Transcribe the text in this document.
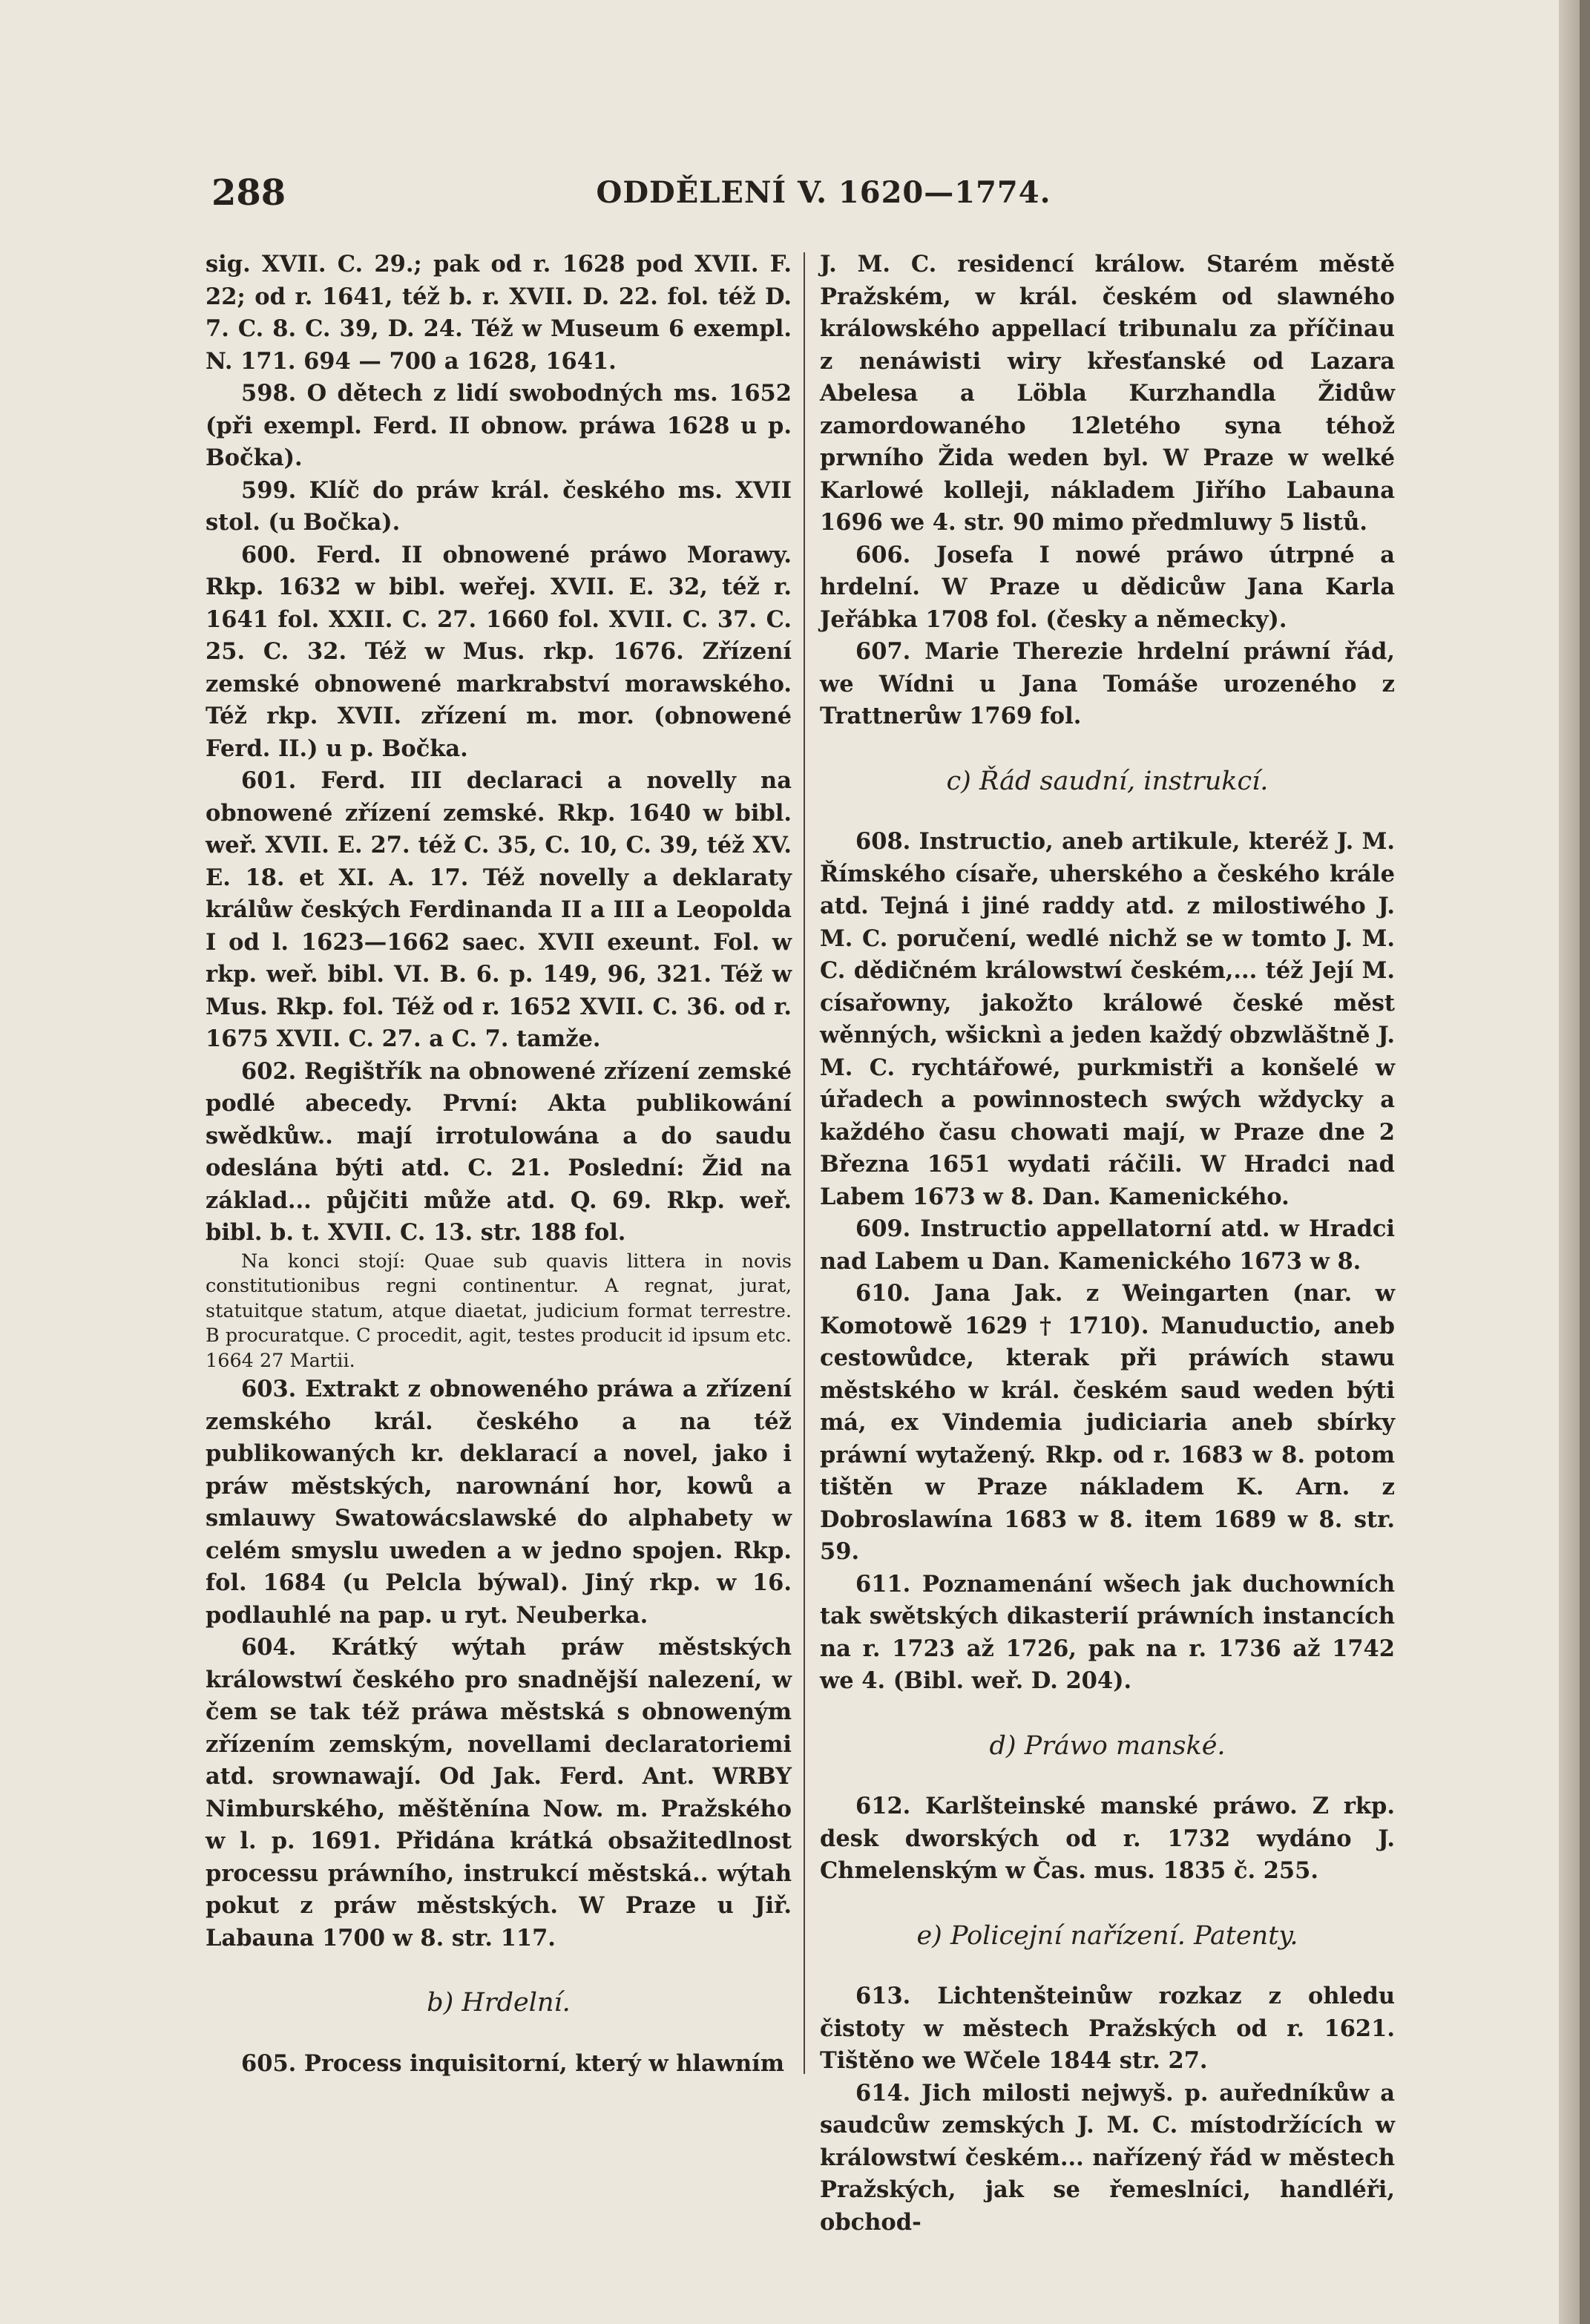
288	ODDĚLENÍ V. 1620—1774.

sig. XVII. C. 29.; pak od r. 1628 pod XVII. F. 22; od r. 1641, též b. r. XVII. D. 22. fol. též D. 7. C. 8. C. 39, D. 24. Též w Museum 6 exempl. N. 171. 694 — 700 a 1628, 1641.

598. O dětech z lidí swobodných ms. 1652 (při exempl. Ferd. II obnow. práwa 1628 u p. Bočka).

599. Klíč do práw král. českého ms. XVII stol. (u Bočka).

600. Ferd. II obnowené práwo Morawy. Rkp. 1632 w bibl. weřej. XVII. E. 32, též r. 1641 fol. XXII. C. 27. 1660 fol. XVII. C. 37. C. 25. C. 32. Též w Mus. rkp. 1676. Zřízení zemské obnowené markrabství morawského. Též rkp. XVII. zřízení m. mor. (obnowené Ferd. II.) u p. Bočka.

601. Ferd. III declaraci a novelly na obnowené zřízení zemské. Rkp. 1640 w bibl. weř. XVII. E. 27. též C. 35, C. 10, C. 39, též XV. E. 18. et XI. A. 17. Též novelly a deklaraty králůw českých Ferdinanda II a III a Leopolda I od l. 1623—1662 saec. XVII exeunt. Fol. w rkp. weř. bibl. VI. B. 6. p. 149, 96, 321. Též w Mus. Rkp. fol. Též od r. 1652 XVII. C. 36. od r. 1675 XVII. C. 27. a C. 7. tamže.

602. Regištřík na obnowené zřízení zemské podlé abecedy. První: Akta publikowání swědkůw.. mají irrotulowána a do saudu odeslána býti atd. C. 21. Poslední: Žid na základ... půjčiti může atd. Q. 69. Rkp. weř. bibl. b. t. XVII. C. 13. str. 188 fol.

Na konci stojí: Quae sub quavis littera in novis constitutionibus regni continentur. A regnat, jurat, statuitque statum, atque diaetat, judicium format terrestre. B procuratque. C procedit, agit, testes producit id ipsum etc. 1664 27 Martii.

603. Extrakt z obnoweného práwa a zřízení zemského král. českého a na též publikowaných kr. deklarací a novel, jako i práw městských, narownání hor, kowů a smlauwy Swatowácslawské do alphabety w celém smyslu uweden a w jedno spojen. Rkp. fol. 1684 (u Pelcla býwal). Jiný rkp. w 16. podlauhlé na pap. u ryt. Neuberka.

604. Krátký wýtah práw městských králowstwí českého pro snadnější nalezení, w čem se tak též práwa městská s obnoweným zřízením zemským, novellami declaratoriemi atd. srownawají. Od Jak. Ferd. Ant. WRBY Nimburského, měštěnína Now. m. Pražského w l. p. 1691. Přidána krátká obsažitedlnost processu práwního, instrukcí městská.. wýtah pokut z práw městských. W Praze u Jiř. Labauna 1700 w 8. str. 117.

b) Hrdelní.

605. Process inquisitorní, který w hlawním

J. M. C. residencí králow. Starém městě Pražském, w král. českém od slawného králowského appellací tribunalu za příčinau z nenáwisti wiry křesťanské od Lazara Abelesa a Löbla Kurzhandla Židůw zamordowaného 12letého syna téhož prwního Žida weden byl. W Praze w welké Karlowé kolleji, nákladem Jiřího Labauna 1696 we 4. str. 90 mimo předmluwy 5 listů.

606. Josefa I nowé práwo útrpné a hrdelní. W Praze u dědicůw Jana Karla Jeřábka 1708 fol. (česky a německy).

607. Marie Therezie hrdelní práwní řád, we Wídni u Jana Tomáše urozeného z Trattnerůw 1769 fol.

c) Řád saudní, instrukcí.

608. Instructio, aneb artikule, kteréž J. M. Římského císaře, uherského a českého krále atd. Tejná i jiné raddy atd. z milostiwého J. M. C. poručení, wedlé nichž se w tomto J. M. C. dědičném králowstwí českém,... též Její M. císařowny, jakožto králowé české měst wěnných, wšicknì a jeden každý obzwlăštně J. M. C. rychtářowé, purkmistři a konšelé w úřadech a powinnostech swých wždycky a každého času chowati mají, w Praze dne 2 Března 1651 wydati ráčili. W Hradci nad Labem 1673 w 8. Dan. Kamenického.

609. Instructio appellatorní atd. w Hradci nad Labem u Dan. Kamenického 1673 w 8.

610. Jana Jak. z Weingarten (nar. w Komotowě 1629 † 1710). Manuductio, aneb cestowůdce, kterak při práwích stawu městského w král. českém saud weden býti má, ex Vindemia judiciaria aneb sbírky práwní wytažený. Rkp. od r. 1683 w 8. potom tištěn w Praze nákladem K. Arn. z Dobroslawína 1683 w 8. item 1689 w 8. str. 59.

611. Poznamenání wšech jak duchowních tak swětských dikasterií práwních instancích na r. 1723 až 1726, pak na r. 1736 až 1742 we 4. (Bibl. weř. D. 204).

d) Práwo manské.

612. Karlšteinské manské práwo. Z rkp. desk dworských od r. 1732 wydáno J. Chmelenským w Čas. mus. 1835 č. 255.

e) Policejní nařízení. Patenty.

613. Lichtenšteinůw rozkaz z ohledu čistoty w městech Pražských od r. 1621. Tištěno we Wčele 1844 str. 27.

614. Jich milosti nejwyš. p. auředníkůw a saudcůw zemských J. M. C. místodržících w králowstwí českém... nařízený řád w městech Pražských, jak se řemeslníci, handléři, obchod-
